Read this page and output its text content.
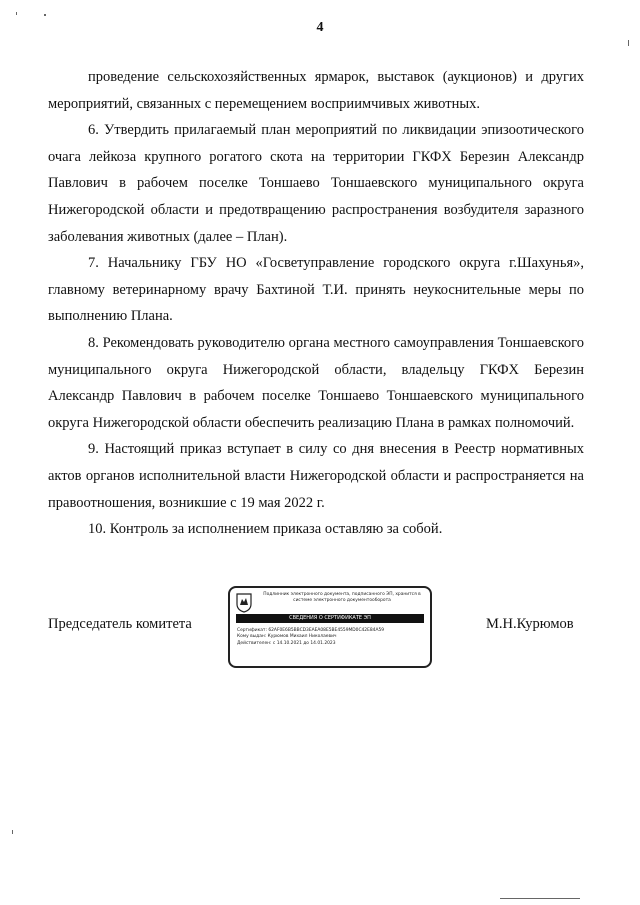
4

проведение сельскохозяйственных ярмарок, выставок (аукционов) и других мероприятий, связанных с перемещением восприимчивых животных.

6. Утвердить прилагаемый план мероприятий по ликвидации эпизоотического очага лейкоза крупного рогатого скота на территории ГКФХ Березин Александр Павлович в рабочем поселке Тоншаево Тоншаевского муниципального округа Нижегородской области и предотвращению распространения возбудителя заразного заболевания животных (далее – План).

7. Начальнику ГБУ НО «Госветуправление городского округа г.Шахунья», главному ветеринарному врачу Бахтиной Т.И. принять неукоснительные меры по выполнению Плана.

8. Рекомендовать руководителю органа местного самоуправления Тоншаевского муниципального округа Нижегородской области, владельцу ГКФХ Березин Александр Павлович в рабочем поселке Тоншаево Тоншаевского муниципального округа Нижегородской области обеспечить реализацию Плана в рамках полномочий.

9. Настоящий приказ вступает в силу со дня внесения в Реестр нормативных актов органов исполнительной власти Нижегородской области и распространяется на правоотношения, возникшие с 19 мая 2022 г.

10. Контроль за исполнением приказа оставляю за собой.

Председатель комитета	М.Н.Курюмов
Подлинник электронного документа, подписанного ЭП, хранится в системе электронного документооборота
СВЕДЕНИЯ О СЕРТИФИКАТЕ ЭП
Сертификат: 62AF0E6B5BBCD3EAEA08E5BE4559MD0C42E84A59
Кому выдан: Курюмов Михаил Николаевич
Действителен: с 14.10.2021 до 14.01.2023
